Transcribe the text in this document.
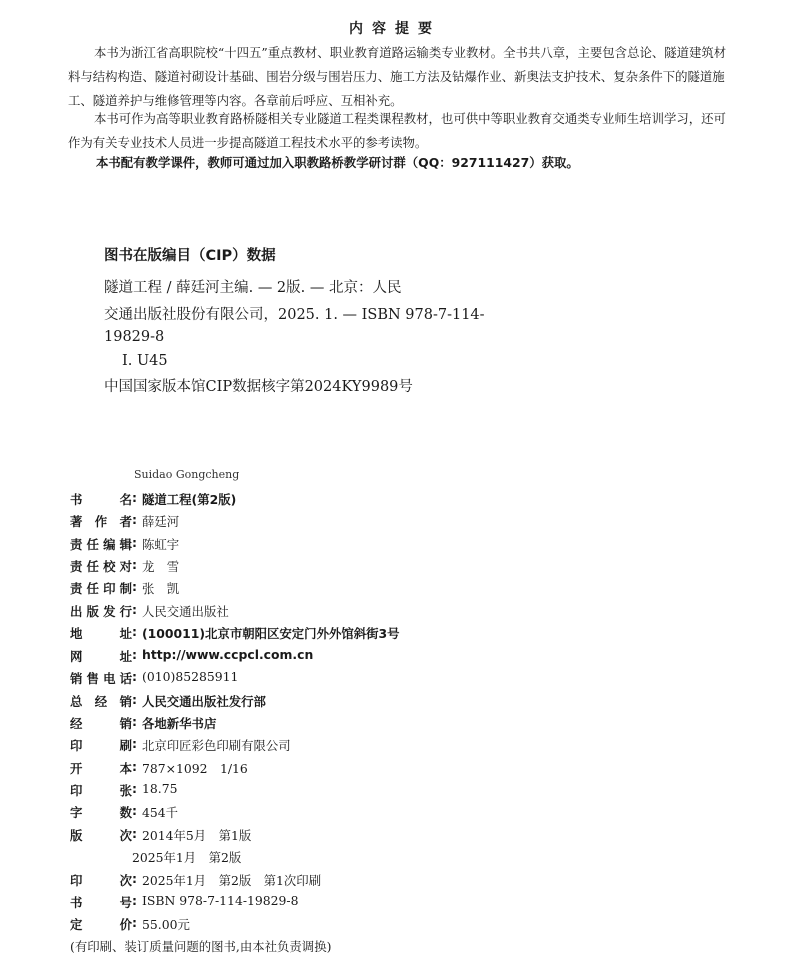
内容提要
本书为浙江省高职院校“十四五”重点教材、职业教育道路运输类专业教材。全书共八章，主要包含总论、隧道建筑材料与结构构造、隧道衬砌设计基础、围岩分级与围岩压力、施工方法及钻爆作业、新奥法支护技术、复杂条件下的隧道施工、隧道养护与维修管理等内容。各章前后呼应、互相补充。
本书可作为高等职业教育路桥隧相关专业隧道工程类课程教材，也可供中等职业教育交通类专业师生培训学习，还可作为有关专业技术人员进一步提高隧道工程技术水平的参考读物。
本书配有教学课件，教师可通过加入职教路桥教学研讨群（QQ：927111427）获取。
图书在版编目（CIP）数据
隧道工程 / 薛廷河主编. — 2版. — 北京：人民
交通出版社股份有限公司，2025. 1. — ISBN 978-7-114-
19829-8
Ⅰ. U45
中国国家版本馆CIP数据核字第2024KY9989号
Suidao Gongcheng
书名 : 隧道工程(第2版)
著作者 : 薛廷河
责任编辑 : 陈虹宇
责任校对 : 龙　雪
责任印制 : 张　凯
出版发行 : 人民交通出版社
地址 : (100011)北京市朝阳区安定门外外馆斜街3号
网址 : http://www.ccpcl.com.cn
销售电话 : (010)85285911
总经销 : 人民交通出版社发行部
经销 : 各地新华书店
印刷 : 北京印匠彩色印刷有限公司
开本 : 787×1092　1/16
印张 : 18.75
字数 : 454千
版次 : 2014年5月　第1版
2025年1月　第2版
印次 : 2025年1月　第2版　第1次印刷
书号 : ISBN 978-7-114-19829-8
定价 : 55.00元
(有印刷、装订质量问题的图书,由本社负责调换)
